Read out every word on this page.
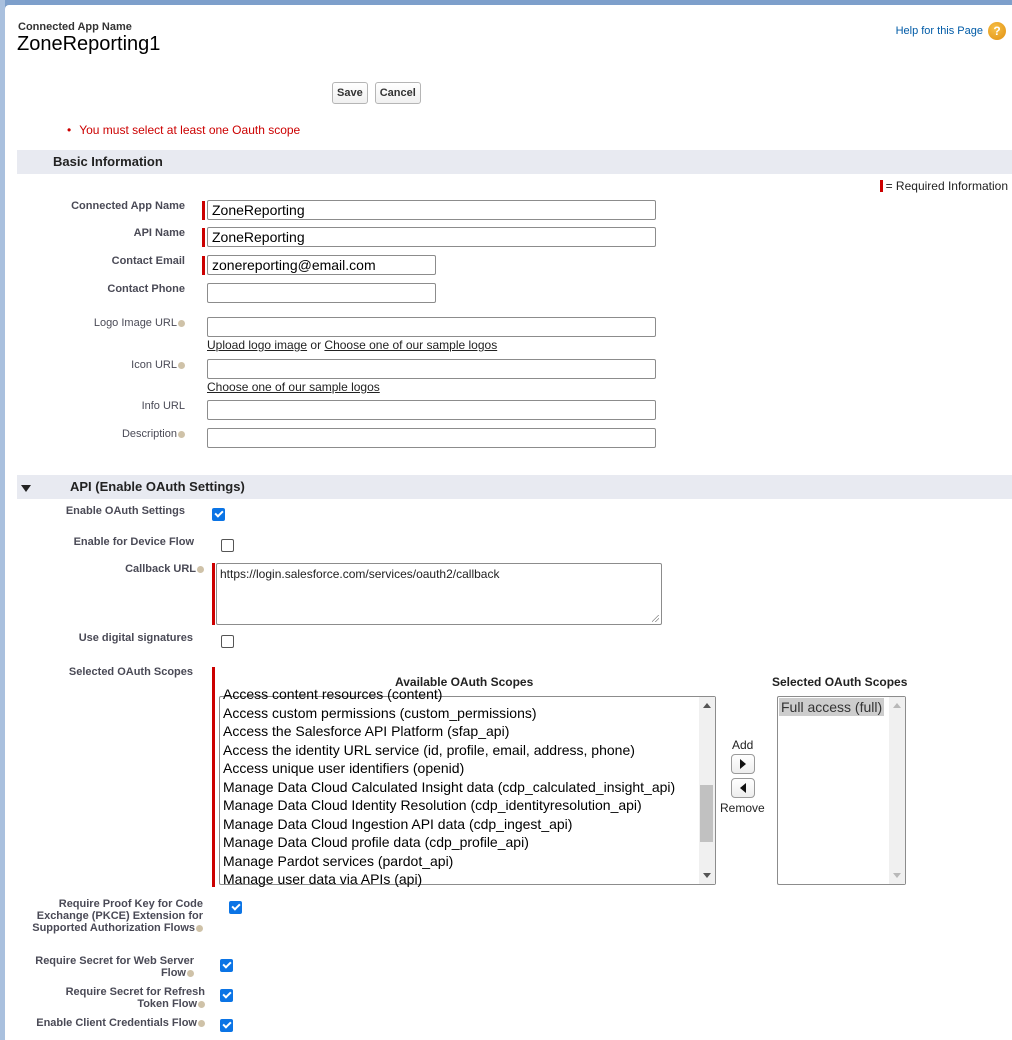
Connected App Name
ZoneReporting1
Help for this Page ?
Save	Cancel
• You must select at least one Oauth scope
Basic Information
= Required Information
Connected App Name	ZoneReporting
API Name	ZoneReporting
Contact Email	zonereporting@email.com
Contact Phone
Logo Image URL
Upload logo image or Choose one of our sample logos
Icon URL
Choose one of our sample logos
Info URL
Description
API (Enable OAuth Settings)
Enable OAuth Settings
Enable for Device Flow
Callback URL	https://login.salesforce.com/services/oauth2/callback
Use digital signatures
Selected OAuth Scopes
Available OAuth Scopes
Access content resources (content)
Access custom permissions (custom_permissions)
Access the Salesforce API Platform (sfap_api)
Access the identity URL service (id, profile, email, address, phone)
Access unique user identifiers (openid)
Manage Data Cloud Calculated Insight data (cdp_calculated_insight_api)
Manage Data Cloud Identity Resolution (cdp_identityresolution_api)
Manage Data Cloud Ingestion API data (cdp_ingest_api)
Manage Data Cloud profile data (cdp_profile_api)
Manage Pardot services (pardot_api)
Manage user data via APIs (api)
Add
Remove
Selected OAuth Scopes
Full access (full)
Require Proof Key for Code Exchange (PKCE) Extension for Supported Authorization Flows
Require Secret for Web Server Flow
Require Secret for Refresh Token Flow
Enable Client Credentials Flow
